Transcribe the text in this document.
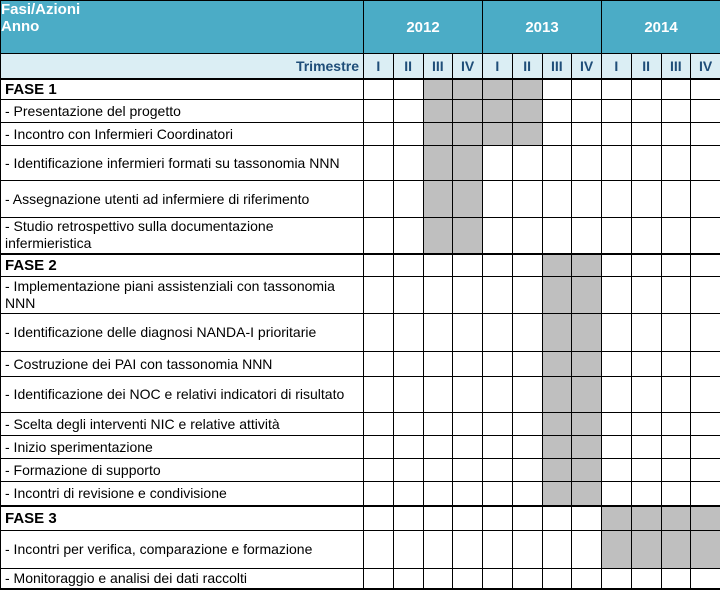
Fasi/Azioni
Anno	2012				2013				2014			
Trimestre	I	II	III	IV	I	II	III	IV	I	II	III	IV
FASE 1												
- Presentazione del progetto												
- Incontro con Infermieri Coordinatori												
- Identificazione infermieri formati su tassonomia NNN												
- Assegnazione utenti ad infermiere di riferimento												
- Studio retrospettivo sulla documentazione infermieristica												
FASE 2												
- Implementazione piani assistenziali con tassonomia NNN												
- Identificazione delle diagnosi NANDA-I prioritarie												
- Costruzione dei PAI con tassonomia NNN												
- Identificazione dei NOC e relativi indicatori di risultato												
- Scelta degli interventi NIC e relative attività												
- Inizio sperimentazione												
- Formazione di supporto												
- Incontri di revisione e condivisione												
FASE 3												
- Incontri per verifica, comparazione e formazione												
- Monitoraggio e analisi dei dati raccolti												
